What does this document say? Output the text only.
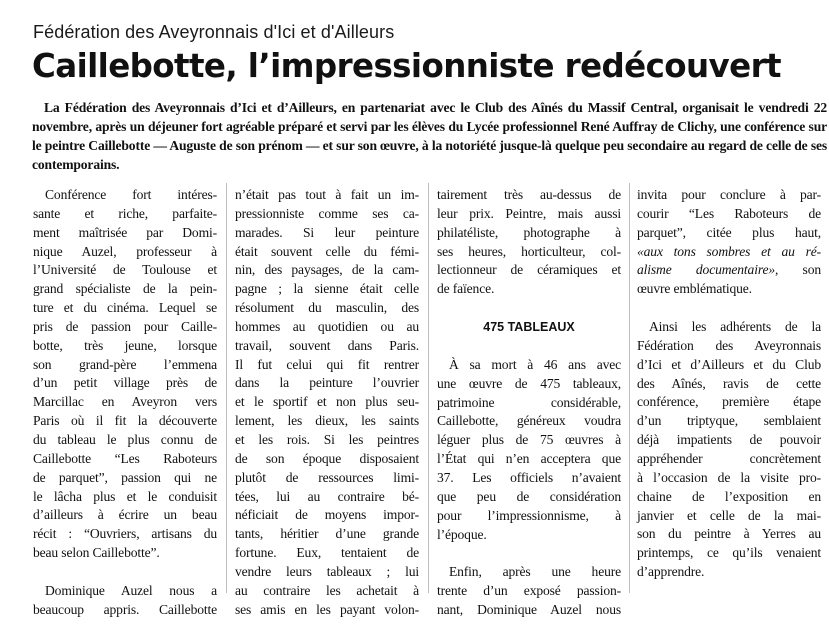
Fédération des Aveyronnais d'Ici et d'Ailleurs
Caillebotte, l’impressionniste redécouvert
La Fédération des Aveyronnais d’Ici et d’Ailleurs, en partenariat avec le Club des Aînés du Massif Central, organisait le vendredi 22 novembre, après un déjeuner fort agréable préparé et servi par les élèves du Lycée professionnel René Auffray de Clichy, une conférence sur le peintre Caillebotte — Auguste de son prénom — et sur son œuvre, à la notoriété jusque-là quelque peu secondaire au regard de celle de ses contemporains.

Conférence fort intéres-
sante et riche, parfaite-
ment maîtrisée par Domi-
nique Auzel, professeur à
l’Université de Toulouse et
grand spécialiste de la pein-
ture et du cinéma. Lequel se
pris de passion pour Caille-
botte, très jeune, lorsque
son grand-père l’emmena
d’un petit village près de
Marcillac en Aveyron vers
Paris où il fit la découverte
du tableau le plus connu de
Caillebotte “Les Raboteurs
de parquet”, passion qui ne
le lâcha plus et le conduisit
d’ailleurs à écrire un beau
récit : “Ouvriers, artisans du
beau selon Caillebotte”.

Dominique Auzel nous a
beaucoup appris. Caillebotte

n’était pas tout à fait un im-
pressionniste comme ses ca-
marades. Si leur peinture
était souvent celle du fémi-
nin, des paysages, de la cam-
pagne ; la sienne était celle
résolument du masculin, des
hommes au quotidien ou au
travail, souvent dans Paris.
Il fut celui qui fit rentrer
dans la peinture l’ouvrier
et le sportif et non plus seu-
lement, les dieux, les saints
et les rois. Si les peintres
de son époque disposaient
plutôt de ressources limi-
tées, lui au contraire bé-
néficiait de moyens impor-
tants, héritier d’une grande
fortune. Eux, tentaient de
vendre leurs tableaux ; lui
au contraire les achetait à
ses amis en les payant volon-

tairement très au-dessus de
leur prix. Peintre, mais aussi
philatéliste, photographe à
ses heures, horticulteur, col-
lectionneur de céramiques et
de faïence.

475 TABLEAUX

À sa mort à 46 ans avec
une œuvre de 475 tableaux,
patrimoine considérable,
Caillebotte, généreux voudra
léguer plus de 75 œuvres à
l’État qui n’en acceptera que
37. Les officiels n’avaient
que peu de considération
pour l’impressionnisme, à
l’époque.

Enfin, après une heure
trente d’un exposé passion-
nant, Dominique Auzel nous

invita pour conclure à par-
courir “Les Raboteurs de
parquet”, citée plus haut,
«aux tons sombres et au ré-
alisme documentaire», son
œuvre emblématique.

Ainsi les adhérents de la
Fédération des Aveyronnais
d’Ici et d’Ailleurs et du Club
des Aînés, ravis de cette
conférence, première étape
d’un triptyque, semblaient
déjà impatients de pouvoir
appréhender concrètement
à l’occasion de la visite pro-
chaine de l’exposition en
janvier et celle de la mai-
son du peintre à Yerres au
printemps, ce qu’ils venaient
d’apprendre.
